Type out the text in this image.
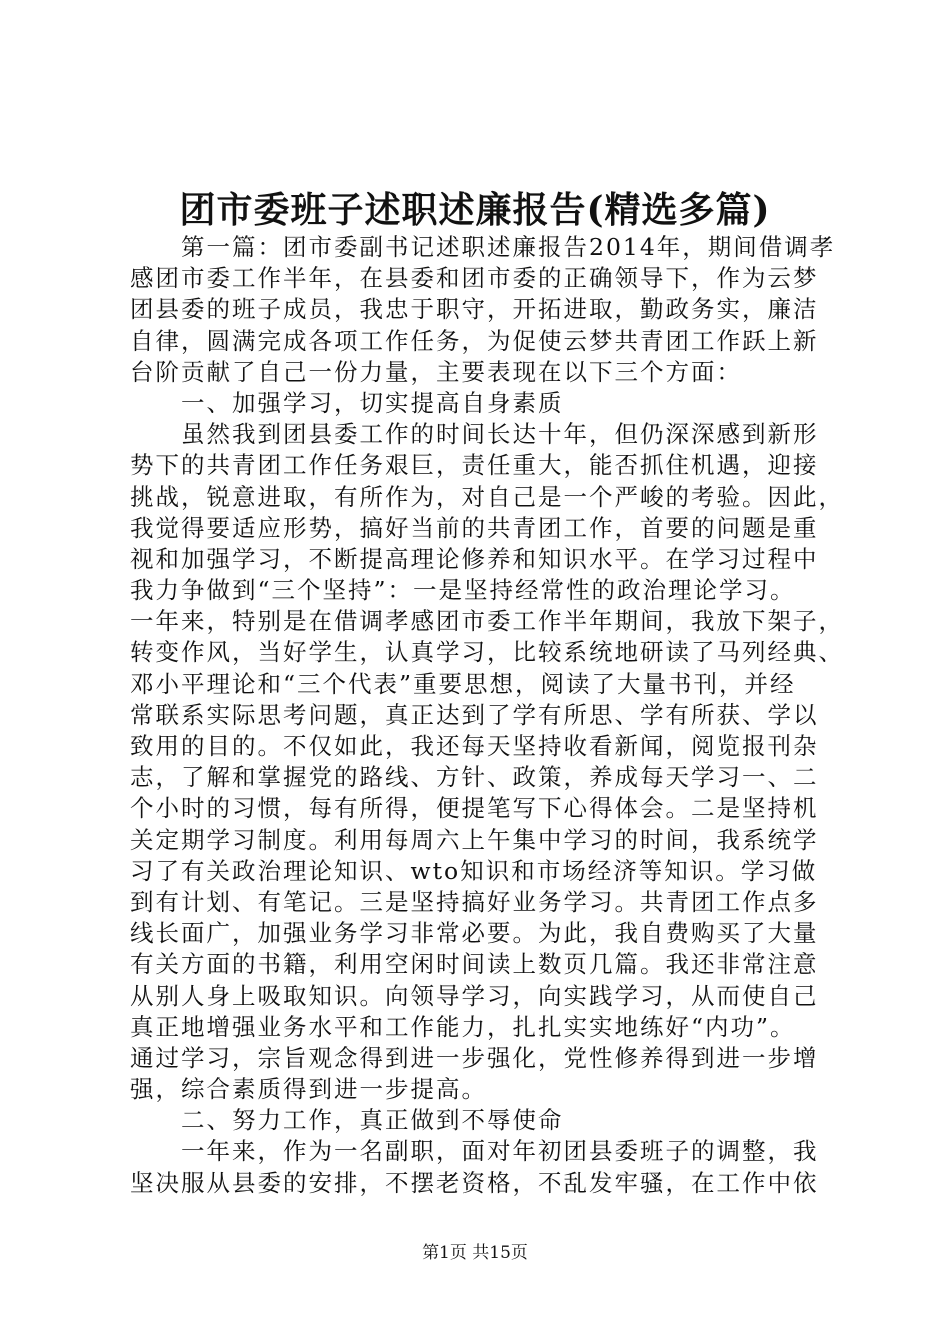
团市委班子述职述廉报告(精选多篇)
　　第一篇：团市委副书记述职述廉报告2014年，期间借调孝
感团市委工作半年，在县委和团市委的正确领导下，作为云梦
团县委的班子成员，我忠于职守，开拓进取，勤政务实，廉洁
自律，圆满完成各项工作任务，为促使云梦共青团工作跃上新
台阶贡献了自己一份力量，主要表现在以下三个方面：
　　一、加强学习，切实提高自身素质
　　虽然我到团县委工作的时间长达十年，但仍深深感到新形
势下的共青团工作任务艰巨，责任重大，能否抓住机遇，迎接
挑战，锐意进取，有所作为，对自己是一个严峻的考验。因此，
我觉得要适应形势，搞好当前的共青团工作，首要的问题是重
视和加强学习，不断提高理论修养和知识水平。在学习过程中
我力争做到“三个坚持”：一是坚持经常性的政治理论学习。
一年来，特别是在借调孝感团市委工作半年期间，我放下架子，
转变作风，当好学生，认真学习，比较系统地研读了马列经典、
邓小平理论和“三个代表”重要思想，阅读了大量书刊，并经
常联系实际思考问题，真正达到了学有所思、学有所获、学以
致用的目的。不仅如此，我还每天坚持收看新闻，阅览报刊杂
志，了解和掌握党的路线、方针、政策，养成每天学习一、二
个小时的习惯，每有所得，便提笔写下心得体会。二是坚持机
关定期学习制度。利用每周六上午集中学习的时间，我系统学
习了有关政治理论知识、wto知识和市场经济等知识。学习做
到有计划、有笔记。三是坚持搞好业务学习。共青团工作点多
线长面广，加强业务学习非常必要。为此，我自费购买了大量
有关方面的书籍，利用空闲时间读上数页几篇。我还非常注意
从别人身上吸取知识。向领导学习，向实践学习，从而使自己
真正地增强业务水平和工作能力，扎扎实实地练好“内功”。
通过学习，宗旨观念得到进一步强化，党性修养得到进一步增
强，综合素质得到进一步提高。
　　二、努力工作，真正做到不辱使命
　　一年来，作为一名副职，面对年初团县委班子的调整，我
坚决服从县委的安排，不摆老资格，不乱发牢骚，在工作中依
第1页 共15页
